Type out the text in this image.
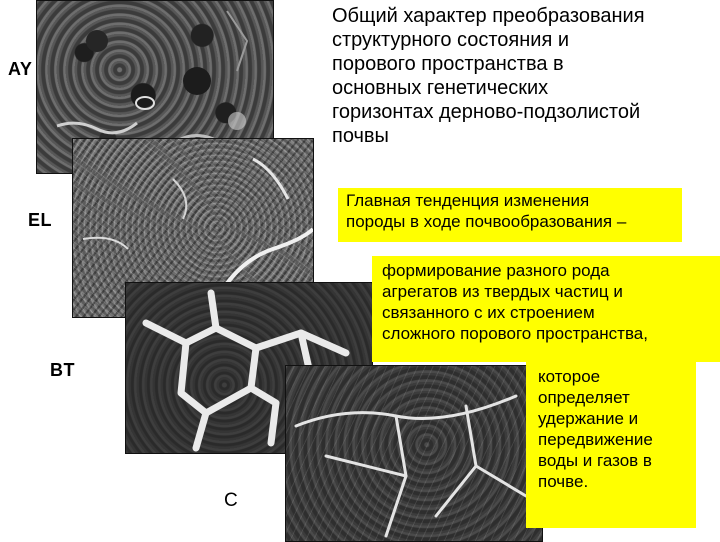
AY
EL
BT
C
Общий характер преобразования
структурного состояния и
порового пространства в
основных генетических
горизонтах дерново-подзолистой
почвы
Главная тенденция изменения
породы в ходе почвообразования –
формирование разного рода
агрегатов из твердых частиц и
связанного с их строением
сложного порового пространства,
которое
определяет
удержание и
передвижение
воды и газов в
почве.
